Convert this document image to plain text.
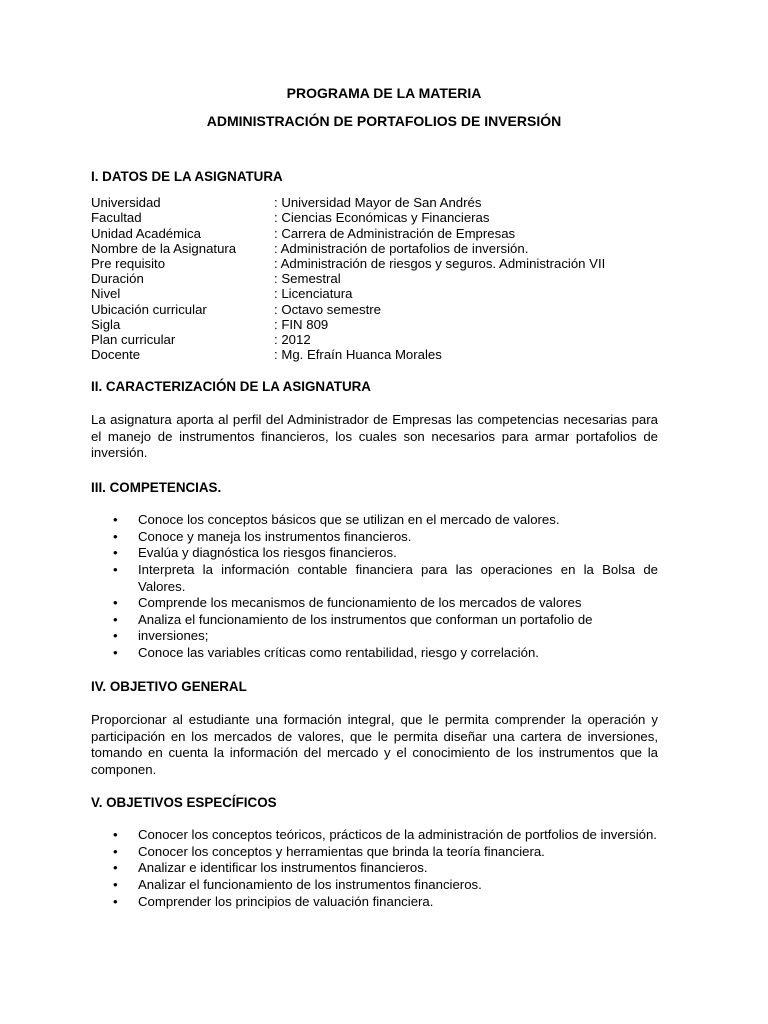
PROGRAMA DE LA MATERIA
ADMINISTRACIÓN DE PORTAFOLIOS DE INVERSIÓN

I. DATOS DE LA ASIGNATURA

Universidad	: Universidad Mayor de San Andrés
Facultad	: Ciencias Económicas y Financieras
Unidad Académica	: Carrera de Administración de Empresas
Nombre de la Asignatura	: Administración de portafolios de inversión.
Pre requisito	: Administración de riesgos y seguros. Administración VII
Duración	: Semestral
Nivel	: Licenciatura
Ubicación curricular	: Octavo semestre
Sigla	: FIN 809
Plan curricular	: 2012
Docente	: Mg. Efraín Huanca Morales

II. CARACTERIZACIÓN DE LA ASIGNATURA

La asignatura aporta al perfil del Administrador de Empresas las competencias necesarias para el manejo de instrumentos financieros, los cuales son necesarios para armar portafolios de inversión.

III. COMPETENCIAS.

• Conoce los conceptos básicos que se utilizan en el mercado de valores.
• Conoce y maneja los instrumentos financieros.
• Evalúa y diagnóstica los riesgos financieros.
• Interpreta la información contable financiera para las operaciones en la Bolsa de Valores.
• Comprende los mecanismos de funcionamiento de los mercados de valores
• Analiza el funcionamiento de los instrumentos que conforman un portafolio de
• inversiones;
• Conoce las variables críticas como rentabilidad, riesgo y correlación.

IV. OBJETIVO GENERAL

Proporcionar al estudiante una formación integral, que le permita comprender la operación y participación en los mercados de valores, que le permita diseñar una cartera de inversiones, tomando en cuenta la información del mercado y el conocimiento de los instrumentos que la componen.

V. OBJETIVOS ESPECÍFICOS

• Conocer los conceptos teóricos, prácticos de la administración de portfolios de inversión.
• Conocer los conceptos y herramientas que brinda la teoría financiera.
• Analizar e identificar los instrumentos financieros.
• Analizar el funcionamiento de los instrumentos financieros.
• Comprender los principios de valuación financiera.
